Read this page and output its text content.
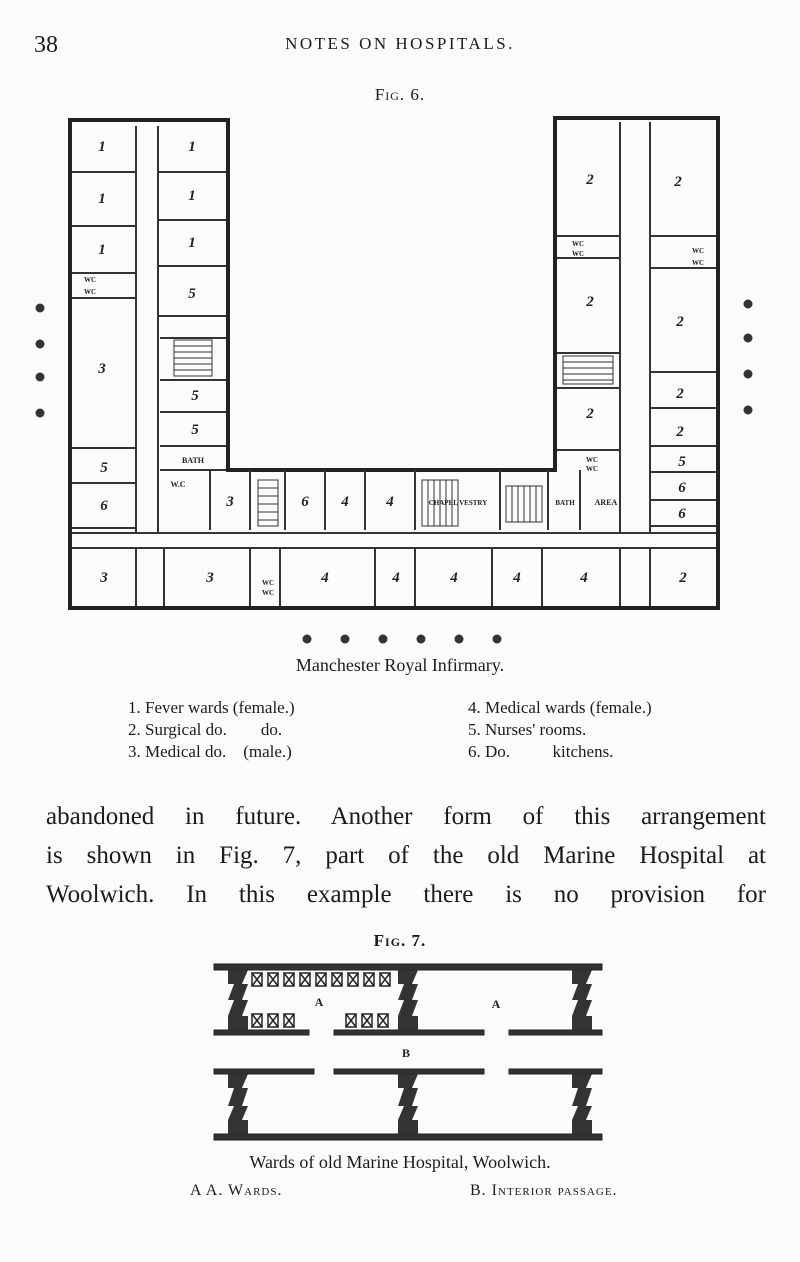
38	NOTES ON HOSPITALS.
Fig. 6.
1
1
1
1
1
1
5
3
5
5
5
6	3	6 4	4
3	3	4	4	4	4	4	2
2	2
2
2
2
2
2
5
6
6
BATH
W.C
CHAPEL VESTRY	BATH	AREA
WC
WC
WC
WC	WC
WC
WC
WC
WC
WC
Manchester Royal Infirmary.
1. Fever wards (female.)
2. Surgical do.        do.
3. Medical do.    (male.)
4. Medical wards (female.)
5. Nurses' rooms.
6. Do.          kitchens.
abandoned in future. Another form of this arrangement
is shown in Fig. 7, part of the old Marine Hospital at
Woolwich. In this example there is no provision for
Fig. 7.
A	A
B
Wards of old Marine Hospital, Woolwich.
A A. Wards.	B. Interior passage.
